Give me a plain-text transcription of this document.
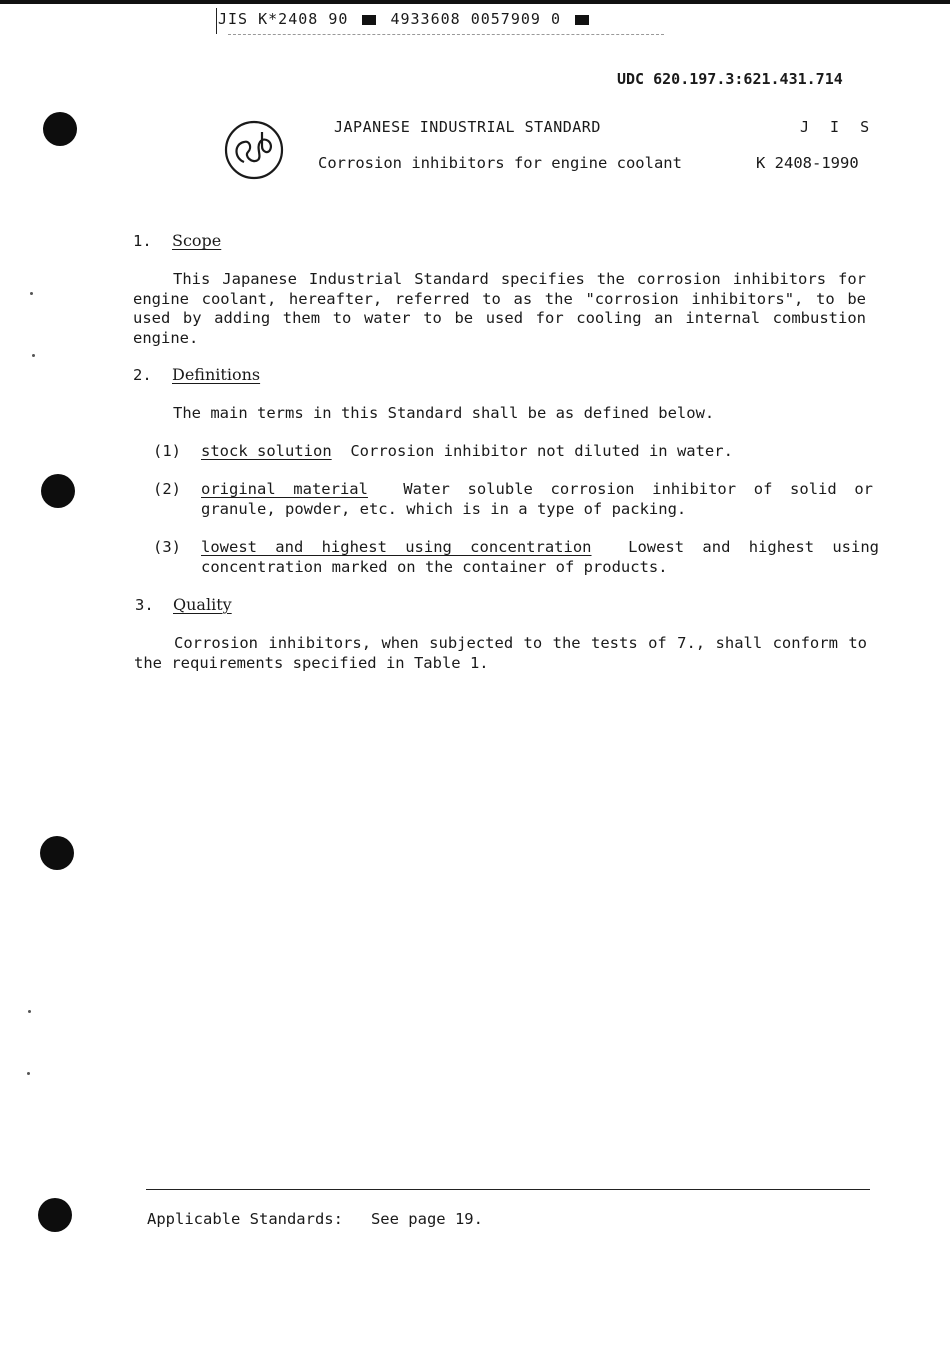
JIS K*2408 90	4933608 0057909 0
UDC 620.197.3:621.431.714
JAPANESE INDUSTRIAL STANDARD	J I S
Corrosion inhibitors for engine coolant	K 2408-1990
1. Scope
This Japanese Industrial Standard specifies the corrosion inhibitors for engine coolant, hereafter, referred to as the "corrosion inhibitors", to be used by adding them to water to be used for cooling an internal combustion engine.
2. Definitions
The main terms in this Standard shall be as defined below.
(1) stock solution Corrosion inhibitor not diluted in water.
(2) original material Water soluble corrosion inhibitor of solid or granule, powder, etc. which is in a type of packing.
(3) lowest and highest using concentration Lowest and highest using concentration marked on the container of products.
3. Quality
Corrosion inhibitors, when subjected to the tests of 7., shall conform to the requirements specified in Table 1.
Applicable Standards: See page 19.
